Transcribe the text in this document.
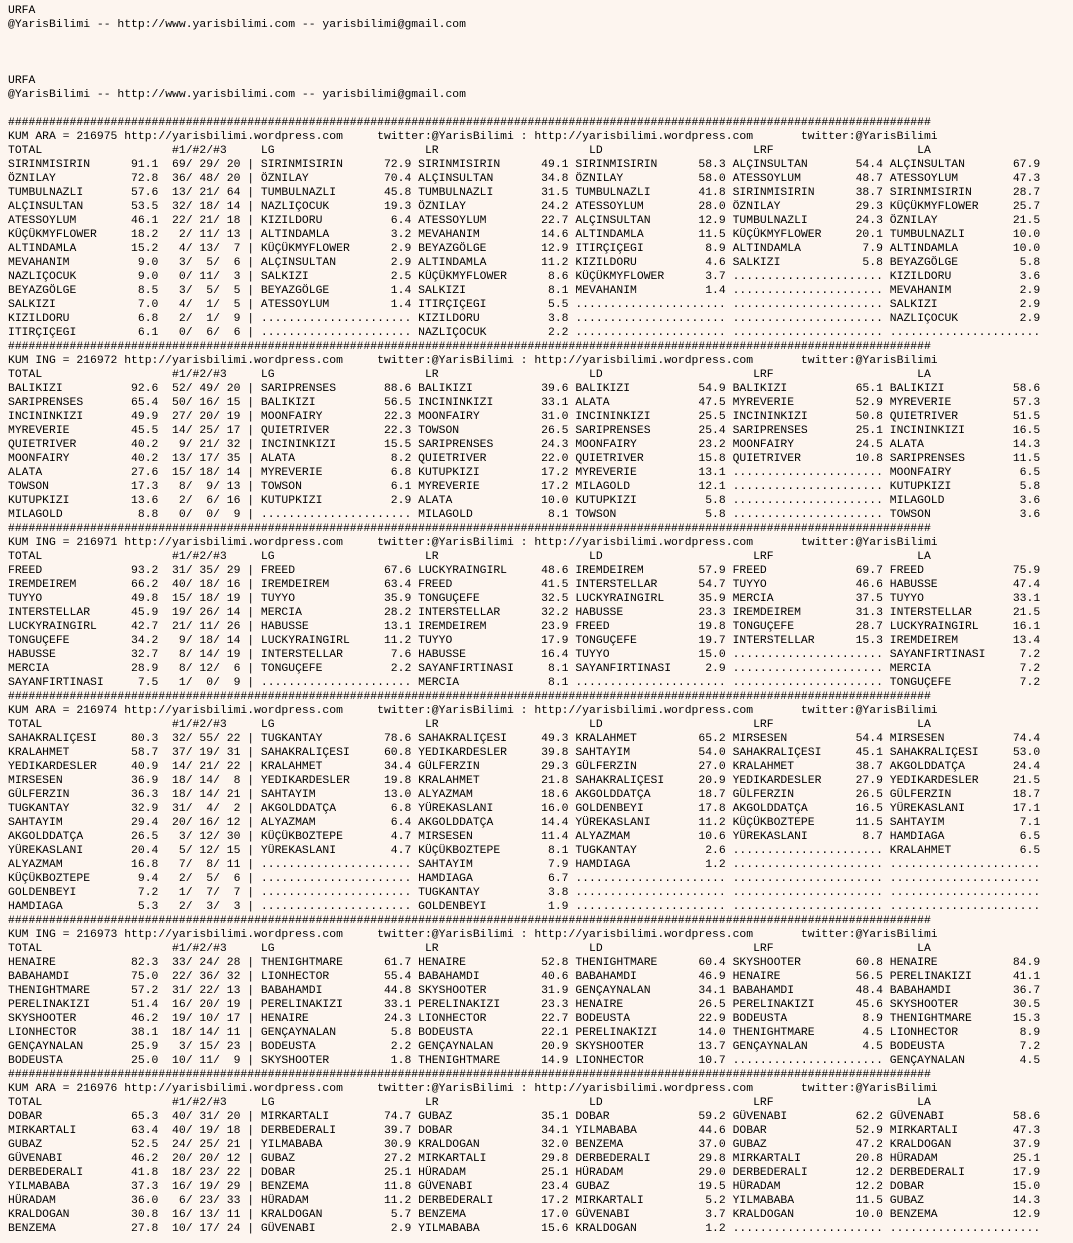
URFA
@YarisBilimi -- http://www.yarisbilimi.com -- yarisbilimi@gmail.com

URFA
@YarisBilimi -- http://www.yarisbilimi.com -- yarisbilimi@gmail.com

#######################################################################################################################################
KUM ARA = 216975 http://yarisbilimi.wordpress.com     twitter:@YarisBilimi : http://yarisbilimi.wordpress.com       twitter:@YarisBilimi
TOTAL                   #1/#2/#3     LG                      LR                      LD                      LRF                     LA
SIRINMISIRIN      91.1  69/ 29/ 20 | SIRINMISIRIN      72.9 SIRINMISIRIN      49.1 SIRINMISIRIN      58.3 ALÇINSULTAN       54.4 ALÇINSULTAN       67.9
ÖZNILAY           72.8  36/ 48/ 20 | ÖZNILAY           70.4 ALÇINSULTAN       34.8 ÖZNILAY           58.0 ATESSOYLUM        48.7 ATESSOYLUM        47.3
TUMBULNAZLI       57.6  13/ 21/ 64 | TUMBULNAZLI       45.8 TUMBULNAZLI       31.5 TUMBULNAZLI       41.8 SIRINMISIRIN      38.7 SIRINMISIRIN      28.7
ALÇINSULTAN       53.5  32/ 18/ 14 | NAZLIÇOCUK        19.3 ÖZNILAY           24.2 ATESSOYLUM        28.0 ÖZNILAY           29.3 KÜÇÜKMYFLOWER     25.7
ATESSOYLUM        46.1  22/ 21/ 18 | KIZILDORU          6.4 ATESSOYLUM        22.7 ALÇINSULTAN       12.9 TUMBULNAZLI       24.3 ÖZNILAY           21.5
KÜÇÜKMYFLOWER     18.2   2/ 11/ 13 | ALTINDAMLA         3.2 MEVAHANIM         14.6 ALTINDAMLA        11.5 KÜÇÜKMYFLOWER     20.1 TUMBULNAZLI       10.0
ALTINDAMLA        15.2   4/ 13/  7 | KÜÇÜKMYFLOWER      2.9 BEYAZGÖLGE        12.9 ITIRÇIÇEGI         8.9 ALTINDAMLA         7.9 ALTINDAMLA        10.0
MEVAHANIM          9.0   3/  5/  6 | ALÇINSULTAN        2.9 ALTINDAMLA        11.2 KIZILDORU          4.6 SALKIZI            5.8 BEYAZGÖLGE         5.8
NAZLIÇOCUK         9.0   0/ 11/  3 | SALKIZI            2.5 KÜÇÜKMYFLOWER      8.6 KÜÇÜKMYFLOWER      3.7 ...................... KIZILDORU          3.6
BEYAZGÖLGE         8.5   3/  5/  5 | BEYAZGÖLGE         1.4 SALKIZI            8.1 MEVAHANIM          1.4 ...................... MEVAHANIM          2.9
SALKIZI            7.0   4/  1/  5 | ATESSOYLUM         1.4 ITIRÇIÇEGI         5.5 ...................... ...................... SALKIZI            2.9
KIZILDORU          6.8   2/  1/  9 | ...................... KIZILDORU          3.8 ...................... ...................... NAZLIÇOCUK         2.9
ITIRÇIÇEGI         6.1   0/  6/  6 | ...................... NAZLIÇOCUK         2.2 ...................... ...................... ......................
#######################################################################################################################################
KUM ING = 216972 http://yarisbilimi.wordpress.com     twitter:@YarisBilimi : http://yarisbilimi.wordpress.com       twitter:@YarisBilimi
TOTAL                   #1/#2/#3     LG                      LR                      LD                      LRF                     LA
BALIKIZI          92.6  52/ 49/ 20 | SARIPRENSES       88.6 BALIKIZI          39.6 BALIKIZI          54.9 BALIKIZI          65.1 BALIKIZI          58.6
SARIPRENSES       65.4  50/ 16/ 15 | BALIKIZI          56.5 INCININKIZI       33.1 ALATA             47.5 MYREVERIE         52.9 MYREVERIE         57.3
INCININKIZI       49.9  27/ 20/ 19 | MOONFAIRY         22.3 MOONFAIRY         31.0 INCININKIZI       25.5 INCININKIZI       50.8 QUIETRIVER        51.5
MYREVERIE         45.5  14/ 25/ 17 | QUIETRIVER        22.3 TOWSON            26.5 SARIPRENSES       25.4 SARIPRENSES       25.1 INCININKIZI       16.5
QUIETRIVER        40.2   9/ 21/ 32 | INCININKIZI       15.5 SARIPRENSES       24.3 MOONFAIRY         23.2 MOONFAIRY         24.5 ALATA             14.3
MOONFAIRY         40.2  13/ 17/ 35 | ALATA              8.2 QUIETRIVER        22.0 QUIETRIVER        15.8 QUIETRIVER        10.8 SARIPRENSES       11.5
ALATA             27.6  15/ 18/ 14 | MYREVERIE          6.8 KUTUPKIZI         17.2 MYREVERIE         13.1 ...................... MOONFAIRY          6.5
TOWSON            17.3   8/  9/ 13 | TOWSON             6.1 MYREVERIE         17.2 MILAGOLD          12.1 ...................... KUTUPKIZI          5.8
KUTUPKIZI         13.6   2/  6/ 16 | KUTUPKIZI          2.9 ALATA             10.0 KUTUPKIZI          5.8 ...................... MILAGOLD           3.6
MILAGOLD           8.8   0/  0/  9 | ...................... MILAGOLD           8.1 TOWSON             5.8 ...................... TOWSON             3.6
#######################################################################################################################################
KUM ING = 216971 http://yarisbilimi.wordpress.com     twitter:@YarisBilimi : http://yarisbilimi.wordpress.com       twitter:@YarisBilimi
TOTAL                   #1/#2/#3     LG                      LR                      LD                      LRF                     LA
FREED             93.2  31/ 35/ 29 | FREED             67.6 LUCKYRAINGIRL     48.6 IREMDEIREM        57.9 FREED             69.7 FREED             75.9
IREMDEIREM        66.2  40/ 18/ 16 | IREMDEIREM        63.4 FREED             41.5 INTERSTELLAR      54.7 TUYYO             46.6 HABUSSE           47.4
TUYYO             49.8  15/ 18/ 19 | TUYYO             35.9 TONGUÇEFE         32.5 LUCKYRAINGIRL     35.9 MERCIA            37.5 TUYYO             33.1
INTERSTELLAR      45.9  19/ 26/ 14 | MERCIA            28.2 INTERSTELLAR      32.2 HABUSSE           23.3 IREMDEIREM        31.3 INTERSTELLAR      21.5
LUCKYRAINGIRL     42.7  21/ 11/ 26 | HABUSSE           13.1 IREMDEIREM        23.9 FREED             19.8 TONGUÇEFE         28.7 LUCKYRAINGIRL     16.1
TONGUÇEFE         34.2   9/ 18/ 14 | LUCKYRAINGIRL     11.2 TUYYO             17.9 TONGUÇEFE         19.7 INTERSTELLAR      15.3 IREMDEIREM        13.4
HABUSSE           32.7   8/ 14/ 19 | INTERSTELLAR       7.6 HABUSSE           16.4 TUYYO             15.0 ...................... SAYANFIRTINASI     7.2
MERCIA            28.9   8/ 12/  6 | TONGUÇEFE          2.2 SAYANFIRTINASI     8.1 SAYANFIRTINASI     2.9 ...................... MERCIA             7.2
SAYANFIRTINASI     7.5   1/  0/  9 | ...................... MERCIA             8.1 ...................... ...................... TONGUÇEFE          7.2
#######################################################################################################################################
KUM ARA = 216974 http://yarisbilimi.wordpress.com     twitter:@YarisBilimi : http://yarisbilimi.wordpress.com       twitter:@YarisBilimi
TOTAL                   #1/#2/#3     LG                      LR                      LD                      LRF                     LA
SAHAKRALIÇESI     80.3  32/ 55/ 22 | TUGKANTAY         78.6 SAHAKRALIÇESI     49.3 KRALAHMET         65.2 MIRSESEN          54.4 MIRSESEN          74.4
KRALAHMET         58.7  37/ 19/ 31 | SAHAKRALIÇESI     60.8 YEDIKARDESLER     39.8 SAHTAYIM          54.0 SAHAKRALIÇESI     45.1 SAHAKRALIÇESI     53.0
YEDIKARDESLER     40.9  14/ 21/ 22 | KRALAHMET         34.4 GÜLFERZIN         29.3 GÜLFERZIN         27.0 KRALAHMET         38.7 AKGOLDDATÇA       24.4
MIRSESEN          36.9  18/ 14/  8 | YEDIKARDESLER     19.8 KRALAHMET         21.8 SAHAKRALIÇESI     20.9 YEDIKARDESLER     27.9 YEDIKARDESLER     21.5
GÜLFERZIN         36.3  18/ 14/ 21 | SAHTAYIM          13.0 ALYAZMAM          18.6 AKGOLDDATÇA       18.7 GÜLFERZIN         26.5 GÜLFERZIN         18.7
TUGKANTAY         32.9  31/  4/  2 | AKGOLDDATÇA        6.8 YÜREKASLANI       16.0 GOLDENBEYI        17.8 AKGOLDDATÇA       16.5 YÜREKASLANI       17.1
SAHTAYIM          29.4  20/ 16/ 12 | ALYAZMAM           6.4 AKGOLDDATÇA       14.4 YÜREKASLANI       11.2 KÜÇÜKBOZTEPE      11.5 SAHTAYIM           7.1
AKGOLDDATÇA       26.5   3/ 12/ 30 | KÜÇÜKBOZTEPE       4.7 MIRSESEN          11.4 ALYAZMAM          10.6 YÜREKASLANI        8.7 HAMDIAGA           6.5
YÜREKASLANI       20.4   5/ 12/ 15 | YÜREKASLANI        4.7 KÜÇÜKBOZTEPE       8.1 TUGKANTAY          2.6 ...................... KRALAHMET          6.5
ALYAZMAM          16.8   7/  8/ 11 | ...................... SAHTAYIM           7.9 HAMDIAGA           1.2 ...................... ......................
KÜÇÜKBOZTEPE       9.4   2/  5/  6 | ...................... HAMDIAGA           6.7 ...................... ...................... ......................
GOLDENBEYI         7.2   1/  7/  7 | ...................... TUGKANTAY          3.8 ...................... ...................... ......................
HAMDIAGA           5.3   2/  3/  3 | ...................... GOLDENBEYI         1.9 ...................... ...................... ......................
#######################################################################################################################################
KUM ING = 216973 http://yarisbilimi.wordpress.com     twitter:@YarisBilimi : http://yarisbilimi.wordpress.com       twitter:@YarisBilimi
TOTAL                   #1/#2/#3     LG                      LR                      LD                      LRF                     LA
HENAIRE           82.3  33/ 24/ 28 | THENIGHTMARE      61.7 HENAIRE           52.8 THENIGHTMARE      60.4 SKYSHOOTER        60.8 HENAIRE           84.9
BABAHAMDI         75.0  22/ 36/ 32 | LIONHECTOR        55.4 BABAHAMDI         40.6 BABAHAMDI         46.9 HENAIRE           56.5 PERELINAKIZI      41.1
THENIGHTMARE      57.2  31/ 22/ 13 | BABAHAMDI         44.8 SKYSHOOTER        31.9 GENÇAYNALAN       34.1 BABAHAMDI         48.4 BABAHAMDI         36.7
PERELINAKIZI      51.4  16/ 20/ 19 | PERELINAKIZI      33.1 PERELINAKIZI      23.3 HENAIRE           26.5 PERELINAKIZI      45.6 SKYSHOOTER        30.5
SKYSHOOTER        46.2  19/ 10/ 17 | HENAIRE           24.3 LIONHECTOR        22.7 BODEUSTA          22.9 BODEUSTA           8.9 THENIGHTMARE      15.3
LIONHECTOR        38.1  18/ 14/ 11 | GENÇAYNALAN        5.8 BODEUSTA          22.1 PERELINAKIZI      14.0 THENIGHTMARE       4.5 LIONHECTOR         8.9
GENÇAYNALAN       25.9   3/ 15/ 23 | BODEUSTA           2.2 GENÇAYNALAN       20.9 SKYSHOOTER        13.7 GENÇAYNALAN        4.5 BODEUSTA           7.2
BODEUSTA          25.0  10/ 11/  9 | SKYSHOOTER         1.8 THENIGHTMARE      14.9 LIONHECTOR        10.7 ...................... GENÇAYNALAN        4.5
#######################################################################################################################################
KUM ARA = 216976 http://yarisbilimi.wordpress.com     twitter:@YarisBilimi : http://yarisbilimi.wordpress.com       twitter:@YarisBilimi
TOTAL                   #1/#2/#3     LG                      LR                      LD                      LRF                     LA
DOBAR             65.3  40/ 31/ 20 | MIRKARTALI        74.7 GUBAZ             35.1 DOBAR             59.2 GÜVENABI          62.2 GÜVENABI          58.6
MIRKARTALI        63.4  40/ 19/ 18 | DERBEDERALI       39.7 DOBAR             34.1 YILMABABA         44.6 DOBAR             52.9 MIRKARTALI        47.3
GUBAZ             52.5  24/ 25/ 21 | YILMABABA         30.9 KRALDOGAN         32.0 BENZEMA           37.0 GUBAZ             47.2 KRALDOGAN         37.9
GÜVENABI          46.2  20/ 20/ 12 | GUBAZ             27.2 MIRKARTALI        29.8 DERBEDERALI       29.8 MIRKARTALI        20.8 HÜRADAM           25.1
DERBEDERALI       41.8  18/ 23/ 22 | DOBAR             25.1 HÜRADAM           25.1 HÜRADAM           29.0 DERBEDERALI       12.2 DERBEDERALI       17.9
YILMABABA         37.3  16/ 19/ 29 | BENZEMA           11.8 GÜVENABI          23.4 GUBAZ             19.5 HÜRADAM           12.2 DOBAR             15.0
HÜRADAM           36.0   6/ 23/ 33 | HÜRADAM           11.2 DERBEDERALI       17.2 MIRKARTALI         5.2 YILMABABA         11.5 GUBAZ             14.3
KRALDOGAN         30.8  16/ 13/ 11 | KRALDOGAN          5.7 BENZEMA           17.0 GÜVENABI           3.7 KRALDOGAN         10.0 BENZEMA           12.9
BENZEMA           27.8  10/ 17/ 24 | GÜVENABI           2.9 YILMABABA         15.6 KRALDOGAN          1.2 ...................... ......................
